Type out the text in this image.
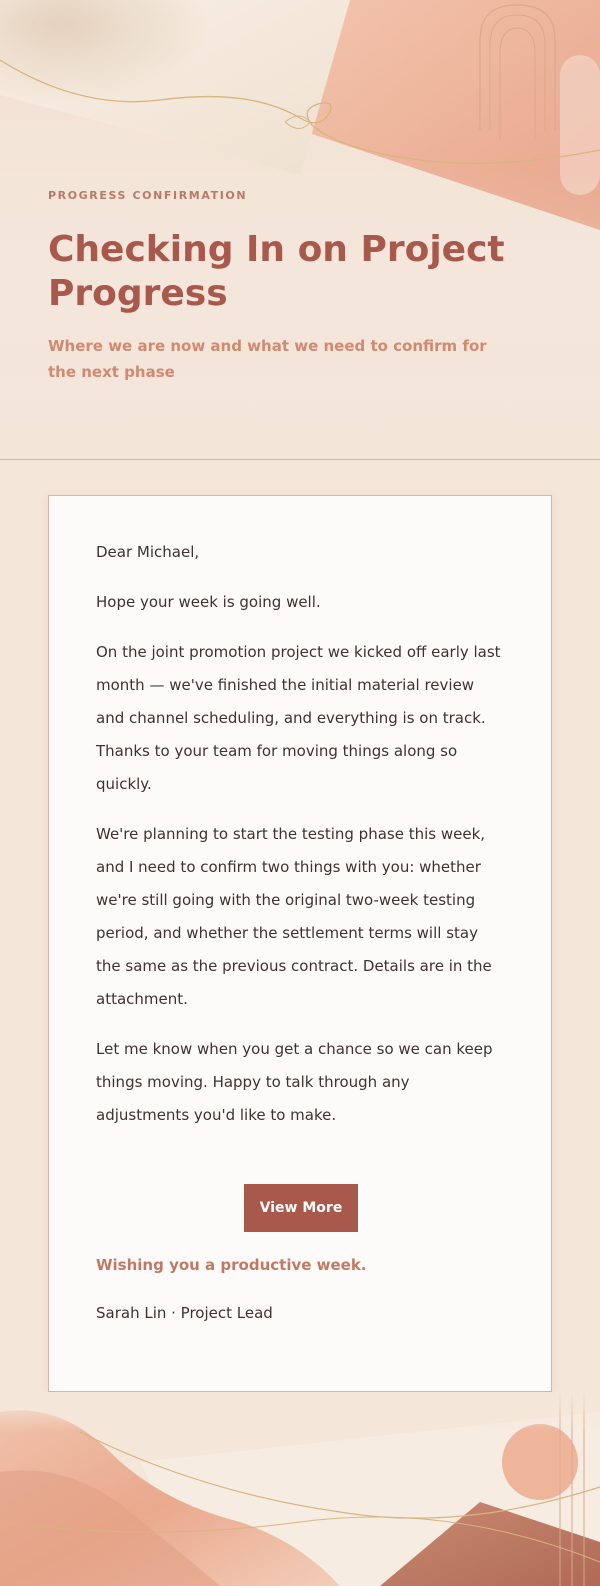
PROGRESS CONFIRMATION
Checking In on Project Progress
Where we are now and what we need to confirm for the next phase

Dear Michael,

Hope your week is going well.

On the joint promotion project we kicked off early last month — we've finished the initial material review and channel scheduling, and everything is on track. Thanks to your team for moving things along so quickly.

We're planning to start the testing phase this week, and I need to confirm two things with you: whether we're still going with the original two-week testing period, and whether the settlement terms will stay the same as the previous contract. Details are in the attachment.

Let me know when you get a chance so we can keep things moving. Happy to talk through any adjustments you'd like to make.

View More
Wishing you a productive week.
Sarah Lin · Project Lead
